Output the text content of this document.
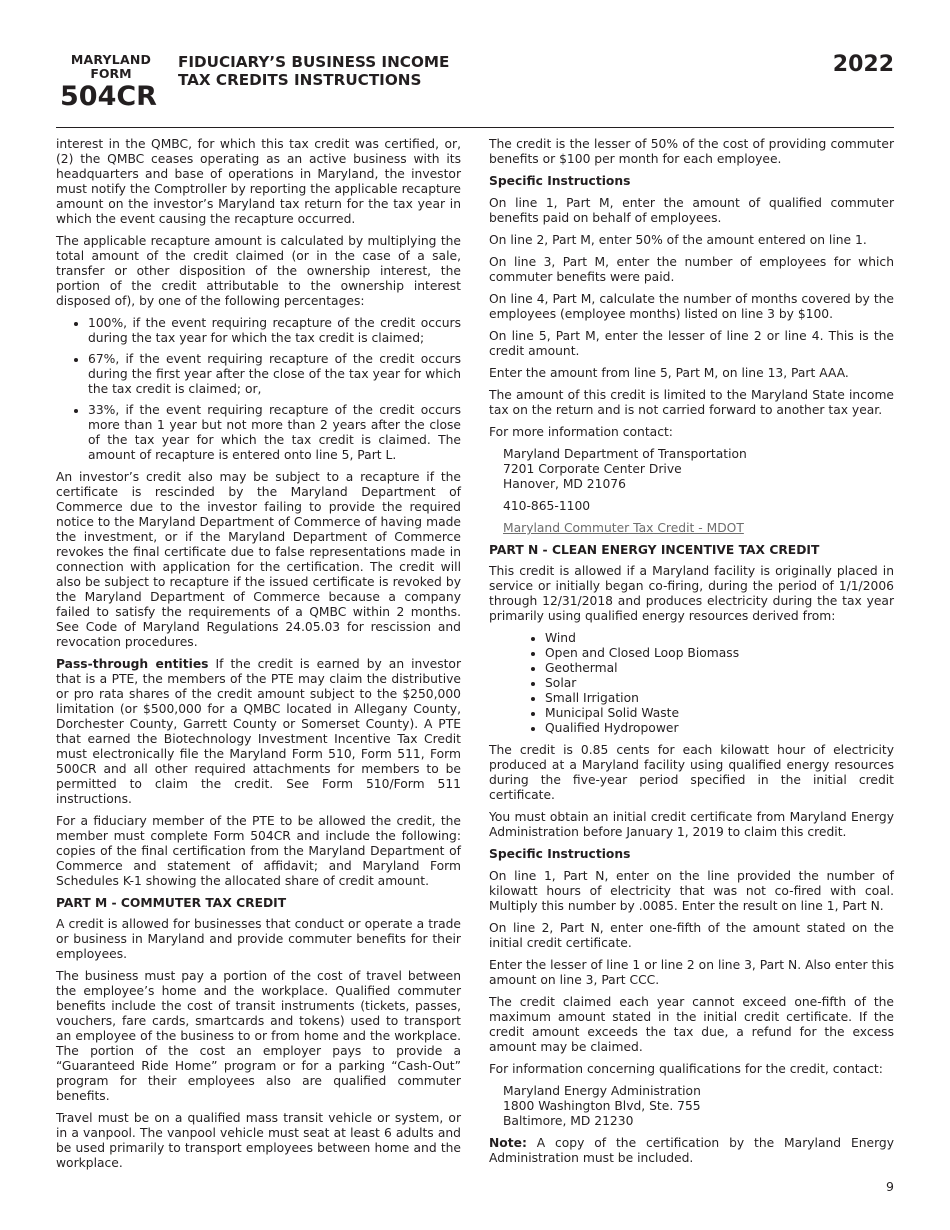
MARYLAND
FORM
504CR
FIDUCIARY’S BUSINESS INCOME
TAX CREDITS INSTRUCTIONS
2022

interest in the QMBC, for which this tax credit was certified, or, (2) the QMBC ceases operating as an active business with its headquarters and base of operations in Maryland, the investor must notify the Comptroller by reporting the applicable recapture amount on the investor’s Maryland tax return for the tax year in which the event causing the recapture occurred.

The applicable recapture amount is calculated by multiplying the total amount of the credit claimed (or in the case of a sale, transfer or other disposition of the ownership interest, the portion of the credit attributable to the ownership interest disposed of), by one of the following percentages:

• 100%, if the event requiring recapture of the credit occurs during the tax year for which the tax credit is claimed;
• 67%, if the event requiring recapture of the credit occurs during the first year after the close of the tax year for which the tax credit is claimed; or,
• 33%, if the event requiring recapture of the credit occurs more than 1 year but not more than 2 years after the close of the tax year for which the tax credit is claimed. The amount of recapture is entered onto line 5, Part L.

An investor’s credit also may be subject to a recapture if the certificate is rescinded by the Maryland Department of Commerce due to the investor failing to provide the required notice to the Maryland Department of Commerce of having made the investment, or if the Maryland Department of Commerce revokes the final certificate due to false representations made in connection with application for the certification. The credit will also be subject to recapture if the issued certificate is revoked by the Maryland Department of Commerce because a company failed to satisfy the requirements of a QMBC within 2 months. See Code of Maryland Regulations 24.05.03 for rescission and revocation procedures.

Pass-through entities If the credit is earned by an investor that is a PTE, the members of the PTE may claim the distributive or pro rata shares of the credit amount subject to the $250,000 limitation (or $500,000 for a QMBC located in Allegany County, Dorchester County, Garrett County or Somerset County). A PTE that earned the Biotechnology Investment Incentive Tax Credit must electronically file the Maryland Form 510, Form 511, Form 500CR and all other required attachments for members to be permitted to claim the credit. See Form 510/Form 511 instructions.

For a fiduciary member of the PTE to be allowed the credit, the member must complete Form 504CR and include the following: copies of the final certification from the Maryland Department of Commerce and statement of affidavit; and Maryland Form Schedules K-1 showing the allocated share of credit amount.

PART M - COMMUTER TAX CREDIT

A credit is allowed for businesses that conduct or operate a trade or business in Maryland and provide commuter benefits for their employees.

The business must pay a portion of the cost of travel between the employee’s home and the workplace. Qualified commuter benefits include the cost of transit instruments (tickets, passes, vouchers, fare cards, smartcards and tokens) used to transport an employee of the business to or from home and the workplace. The portion of the cost an employer pays to provide a “Guaranteed Ride Home” program or for a parking “Cash-Out” program for their employees also are qualified commuter benefits.

Travel must be on a qualified mass transit vehicle or system, or in a vanpool. The vanpool vehicle must seat at least 6 adults and be used primarily to transport employees between home and the workplace.

The credit is the lesser of 50% of the cost of providing commuter benefits or $100 per month for each employee.

Specific Instructions

On line 1, Part M, enter the amount of qualified commuter benefits paid on behalf of employees.

On line 2, Part M, enter 50% of the amount entered on line 1.

On line 3, Part M, enter the number of employees for which commuter benefits were paid.

On line 4, Part M, calculate the number of months covered by the employees (employee months) listed on line 3 by $100.

On line 5, Part M, enter the lesser of line 2 or line 4. This is the credit amount.

Enter the amount from line 5, Part M, on line 13, Part AAA.

The amount of this credit is limited to the Maryland State income tax on the return and is not carried forward to another tax year.

For more information contact:

Maryland Department of Transportation
7201 Corporate Center Drive
Hanover, MD 21076
410-865-1100
Maryland Commuter Tax Credit - MDOT
PART N - CLEAN ENERGY INCENTIVE TAX CREDIT

This credit is allowed if a Maryland facility is originally placed in service or initially began co-firing, during the period of 1/1/2006 through 12/31/2018 and produces electricity during the tax year primarily using qualified energy resources derived from:

• Wind
• Open and Closed Loop Biomass
• Geothermal
• Solar
• Small Irrigation
• Municipal Solid Waste
• Qualified Hydropower

The credit is 0.85 cents for each kilowatt hour of electricity produced at a Maryland facility using qualified energy resources during the five-year period specified in the initial credit certificate.

You must obtain an initial credit certificate from Maryland Energy Administration before January 1, 2019 to claim this credit.

Specific Instructions

On line 1, Part N, enter on the line provided the number of kilowatt hours of electricity that was not co-fired with coal. Multiply this number by .0085. Enter the result on line 1, Part N.

On line 2, Part N, enter one-fifth of the amount stated on the initial credit certificate.

Enter the lesser of line 1 or line 2 on line 3, Part N. Also enter this amount on line 3, Part CCC.

The credit claimed each year cannot exceed one-fifth of the maximum amount stated in the initial credit certificate. If the credit amount exceeds the tax due, a refund for the excess amount may be claimed.

For information concerning qualifications for the credit, contact:

Maryland Energy Administration
1800 Washington Blvd, Ste. 755
Baltimore, MD 21230

Note: A copy of the certification by the Maryland Energy Administration must be included.

9
